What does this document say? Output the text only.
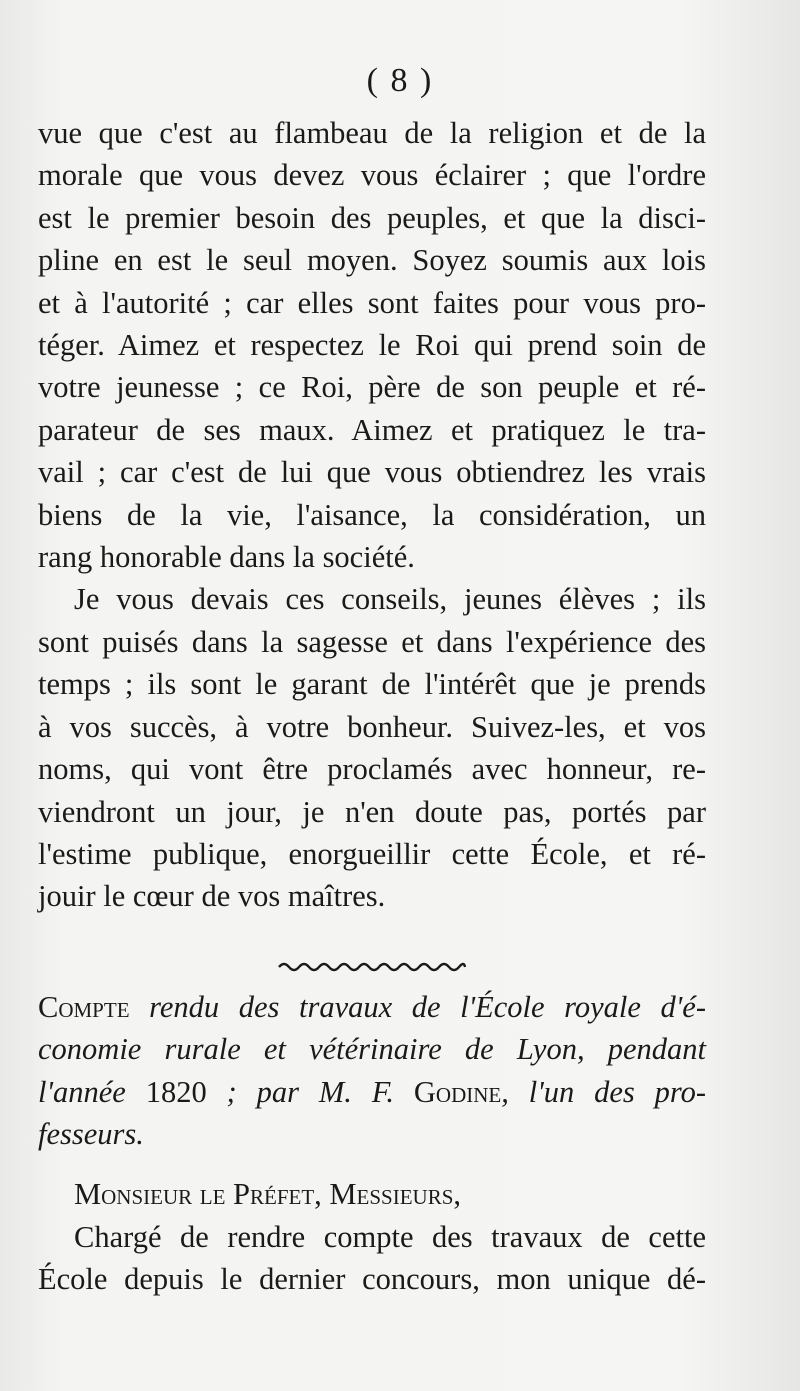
( 8 )
vue que c'est au flambeau de la religion et de la
morale que vous devez vous éclairer ; que l'ordre
est le premier besoin des peuples, et que la disci-
pline en est le seul moyen. Soyez soumis aux lois
et à l'autorité ; car elles sont faites pour vous pro-
téger. Aimez et respectez le Roi qui prend soin de
votre jeunesse ; ce Roi, père de son peuple et ré-
parateur de ses maux. Aimez et pratiquez le tra-
vail ; car c'est de lui que vous obtiendrez les vrais
biens de la vie, l'aisance, la considération, un
rang honorable dans la société.
Je vous devais ces conseils, jeunes élèves ; ils
sont puisés dans la sagesse et dans l'expérience des
temps ; ils sont le garant de l'intérêt que je prends
à vos succès, à votre bonheur. Suivez-les, et vos
noms, qui vont être proclamés avec honneur, re-
viendront un jour, je n'en doute pas, portés par
l'estime publique, enorgueillir cette École, et ré-
jouir le cœur de vos maîtres.
Compte rendu des travaux de l'École royale d'é-
conomie rurale et vétérinaire de Lyon, pendant
l'année 1820 ; par M. F. Godine, l'un des pro-
fesseurs.
Monsieur le Préfet, Messieurs,
Chargé de rendre compte des travaux de cette
École depuis le dernier concours, mon unique dé-
